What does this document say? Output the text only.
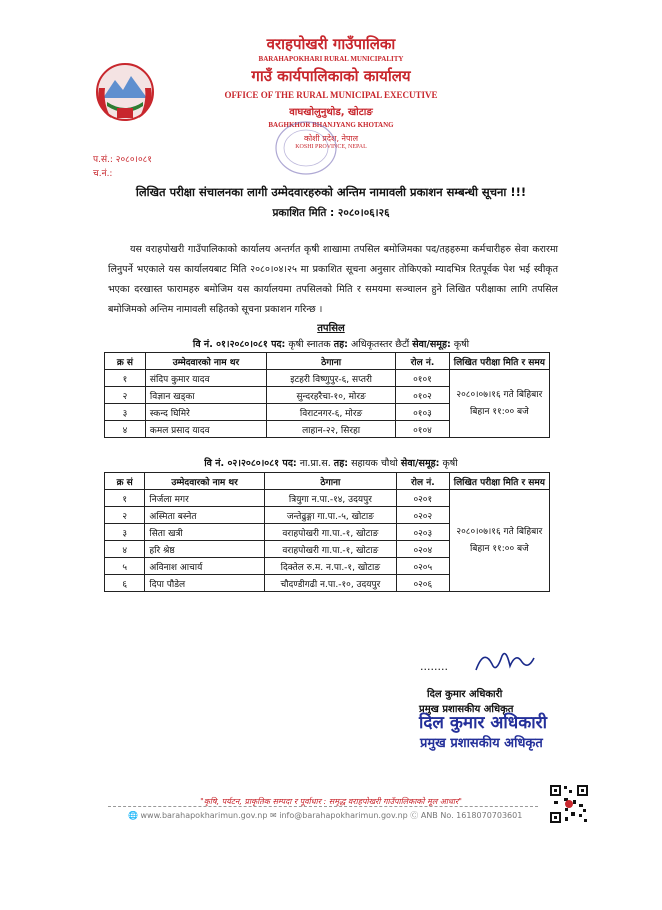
वराहपोखरी गाउँपालिका
BARAHAPOKHARI RURAL MUNICIPALITY
गाउँ कार्यपालिकाको कार्यालय
OFFICE OF THE RURAL MUNICIPAL EXECUTIVE
वाघखोलुनुथोड, खोटाङ
BAGHKHOR BHANJYANG KHOTANG
कोशी प्रदेश, नेपाल
KOSHI PROVINCE, NEPAL
प.सं.: २०८०।०८१
च.नं.:
लिखित परीक्षा संचालनका लागी उम्मेदवारहरुको अन्तिम नामावली प्रकाशन सम्बन्धी सूचना !!!
प्रकाशित मिति : २०८०।०६।२६
यस वराहपोखरी गाउँपालिकाको कार्यालय अन्तर्गत कृषी शाखामा तपसिल बमोजिमका पद/तहहरुमा कर्मचारीहरु सेवा करारमा लिनुपर्ने भएकाले यस कार्यालयबाट मिति २०८०।०४।२५ मा प्रकाशित सूचना अनुसार तोकिएको म्यादभित्र रितपूर्वक पेश भई स्वीकृत भएका दरखास्त फारामहरु बमोजिम यस कार्यालयमा तपसिलको मिति र समयमा सञ्चालन हुने लिखित परीक्षाका लागि तपसिल बमोजिमको अन्तिम नामावली सहितको सूचना प्रकाशन गरिन्छ ।
तपसिल
वि नं. ०१।२०८०।०८१ पद: कृषी स्नातक तह: अधिकृतस्तर छैटौं सेवा/समूह: कृषी
क्र सं	उम्मेदवारको नाम थर	ठेगाना	रोल नं.	लिखित परीक्षा मिति र समय
१	संदिप कुमार यादव	इटहरी विष्णुपुर-६, सप्तरी	०१०१	२०८०।०७।१६ गते बिहिबार
बिहान ११:०० बजे

२	विज्ञान खड्का	सुन्दरहरैचा-१०, मोरङ	०१०२	
३	स्कन्द घिमिरे	विराटनगर-६, मोरङ	०१०३	
४	कमल प्रसाद यादव	लाहान-२२, सिरहा	०१०४	
वि नं. ०२।२०८०।०८१ पद: ना.प्रा.स. तह: सहायक चौथो सेवा/समूह: कृषी
क्र सं	उम्मेदवारको नाम थर	ठेगाना	रोल नं.	लिखित परीक्षा मिति र समय
१	निर्जला मगर	त्रियुगा न.पा.-१४, उदयपुर	०२०१	२०८०।०७।१६ गते बिहिबार
बिहान ११:०० बजे

२	अस्मिता बस्नेत	जन्तेढुङ्गा गा.पा.-५, खोटाङ	०२०२	
३	सिता खत्री	वराहपोखरी गा.पा.-१, खोटाङ	०२०३	
४	हरि श्रेष्ठ	वराहपोखरी गा.पा.-१, खोटाङ	०२०४	
५	अविनाश आचार्य	दिक्तेल रु.म. न.पा.-१, खोटाङ	०२०५	
६	दिपा पौडेल	चौदण्डीगढी न.पा.-१०, उदयपुर	०२०६	
........
दिल कुमार अधिकारी
प्रमुख प्रशासकीय अधिकृत
दिल कुमार अधिकारी
प्रमुख प्रशासकीय अधिकृत
"कृषि, पर्यटन, प्राकृतिक सम्पदा र पूर्वाधार : समृद्ध वराहपोखरी गाउँपालिकाको मूल आधार"
🌐 www.barahapokharimun.gov.np ✉ info@barahapokharimun.gov.np Ⓒ ANB No. 1618070703601
